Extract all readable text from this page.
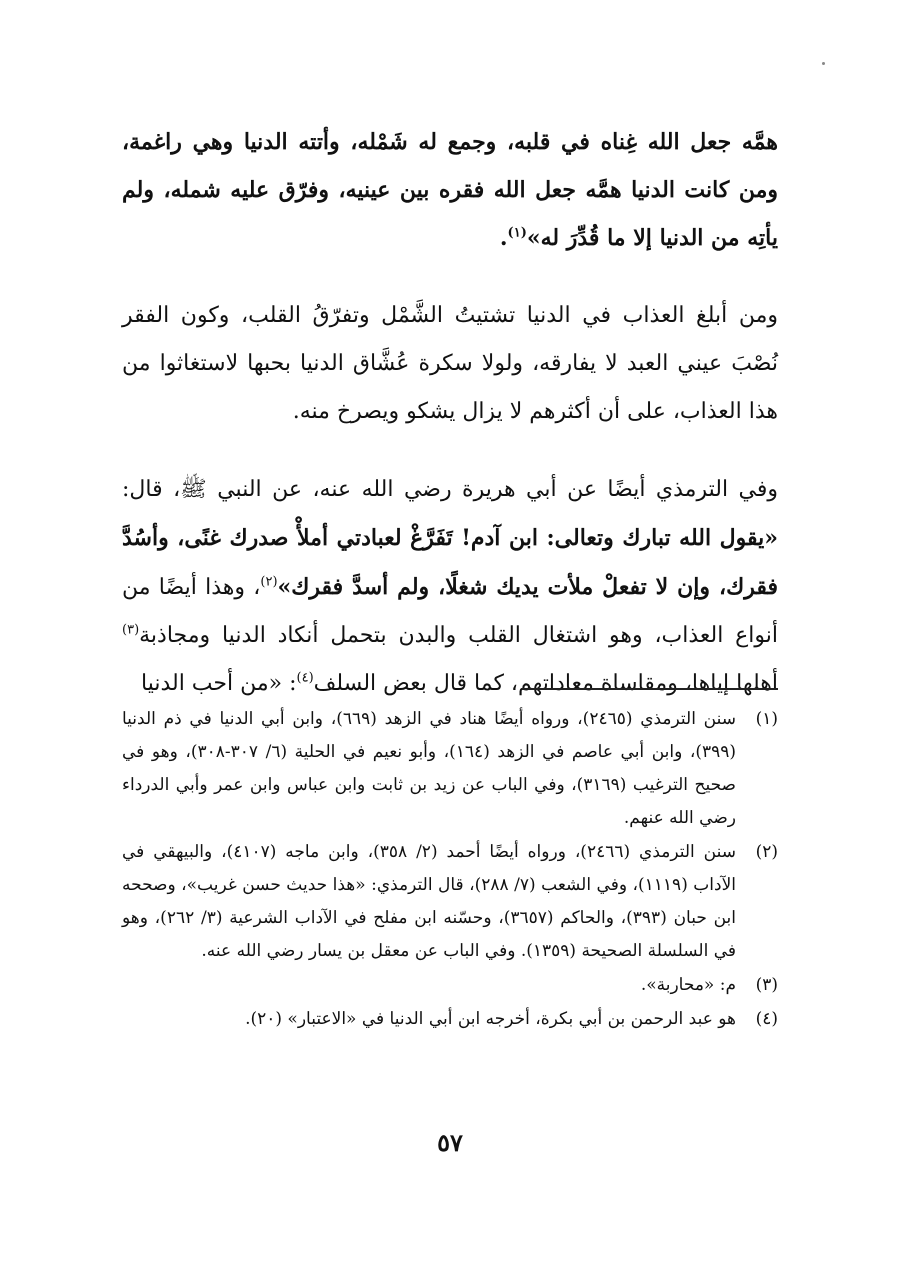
همَّه جعل الله غِناه في قلبه، وجمع له شَمْله، وأتته الدنيا وهي راغمة، ومن كانت الدنيا همَّه جعل الله فقره بين عينيه، وفرّق عليه شمله، ولم يأتِه من الدنيا إلا ما قُدِّرَ له»$^{(١)}$.

ومن أبلغ العذاب في الدنيا تشتيتُ الشَّمْل وتفرّقُ القلب، وكون الفقر نُصْبَ عيني العبد لا يفارقه، ولولا سكرة عُشَّاق الدنيا بحبها لاستغاثوا من هذا العذاب، على أن أكثرهم لا يزال يشكو ويصرخ منه.

وفي الترمذي أيضًا عن أبي هريرة رضي الله عنه، عن النبي ﷺ، قال: «يقول الله تبارك وتعالى: ابن آدم! تَفَرَّغْ لعبادتي أملأْ صدرك غنًى، وأسُدَّ فقرك، وإن لا تفعلْ ملأت يديك شغلًا، ولم أسدَّ فقرك»$^{(٢)}$، وهذا أيضًا من أنواع العذاب، وهو اشتغال القلب والبدن بتحمل أنكاد الدنيا ومجاذبة$^{(٣)}$ أهلها إياها، ومقاساة معاداتهم، كما قال بعض السلف$^{(٤)}$: «من أحب الدنيا

(١)
سنن الترمذي (٢٤٦٥)، ورواه أيضًا هناد في الزهد (٦٦٩)، وابن أبي الدنيا في ذم الدنيا (٣٩٩)، وابن أبي عاصم في الزهد (١٦٤)، وأبو نعيم في الحلية (٦/ ٣٠٧-٣٠٨)، وهو في صحيح الترغيب (٣١٦٩)، وفي الباب عن زيد بن ثابت وابن عباس وابن عمر وأبي الدرداء رضي الله عنهم.
(٢)
سنن الترمذي (٢٤٦٦)، ورواه أيضًا أحمد (٢/ ٣٥٨)، وابن ماجه (٤١٠٧)، والبيهقي في الآداب (١١١٩)، وفي الشعب (٧/ ٢٨٨)، قال الترمذي: «هذا حديث حسن غريب»، وصححه ابن حبان (٣٩٣)، والحاكم (٣٦٥٧)، وحسّنه ابن مفلح في الآداب الشرعية (٣/ ٢٦٢)، وهو في السلسلة الصحيحة (١٣٥٩). وفي الباب عن معقل بن يسار رضي الله عنه.
(٣)
م: «محاربة».
(٤)
هو عبد الرحمن بن أبي بكرة، أخرجه ابن أبي الدنيا في «الاعتبار» (٢٠).
٥٧
